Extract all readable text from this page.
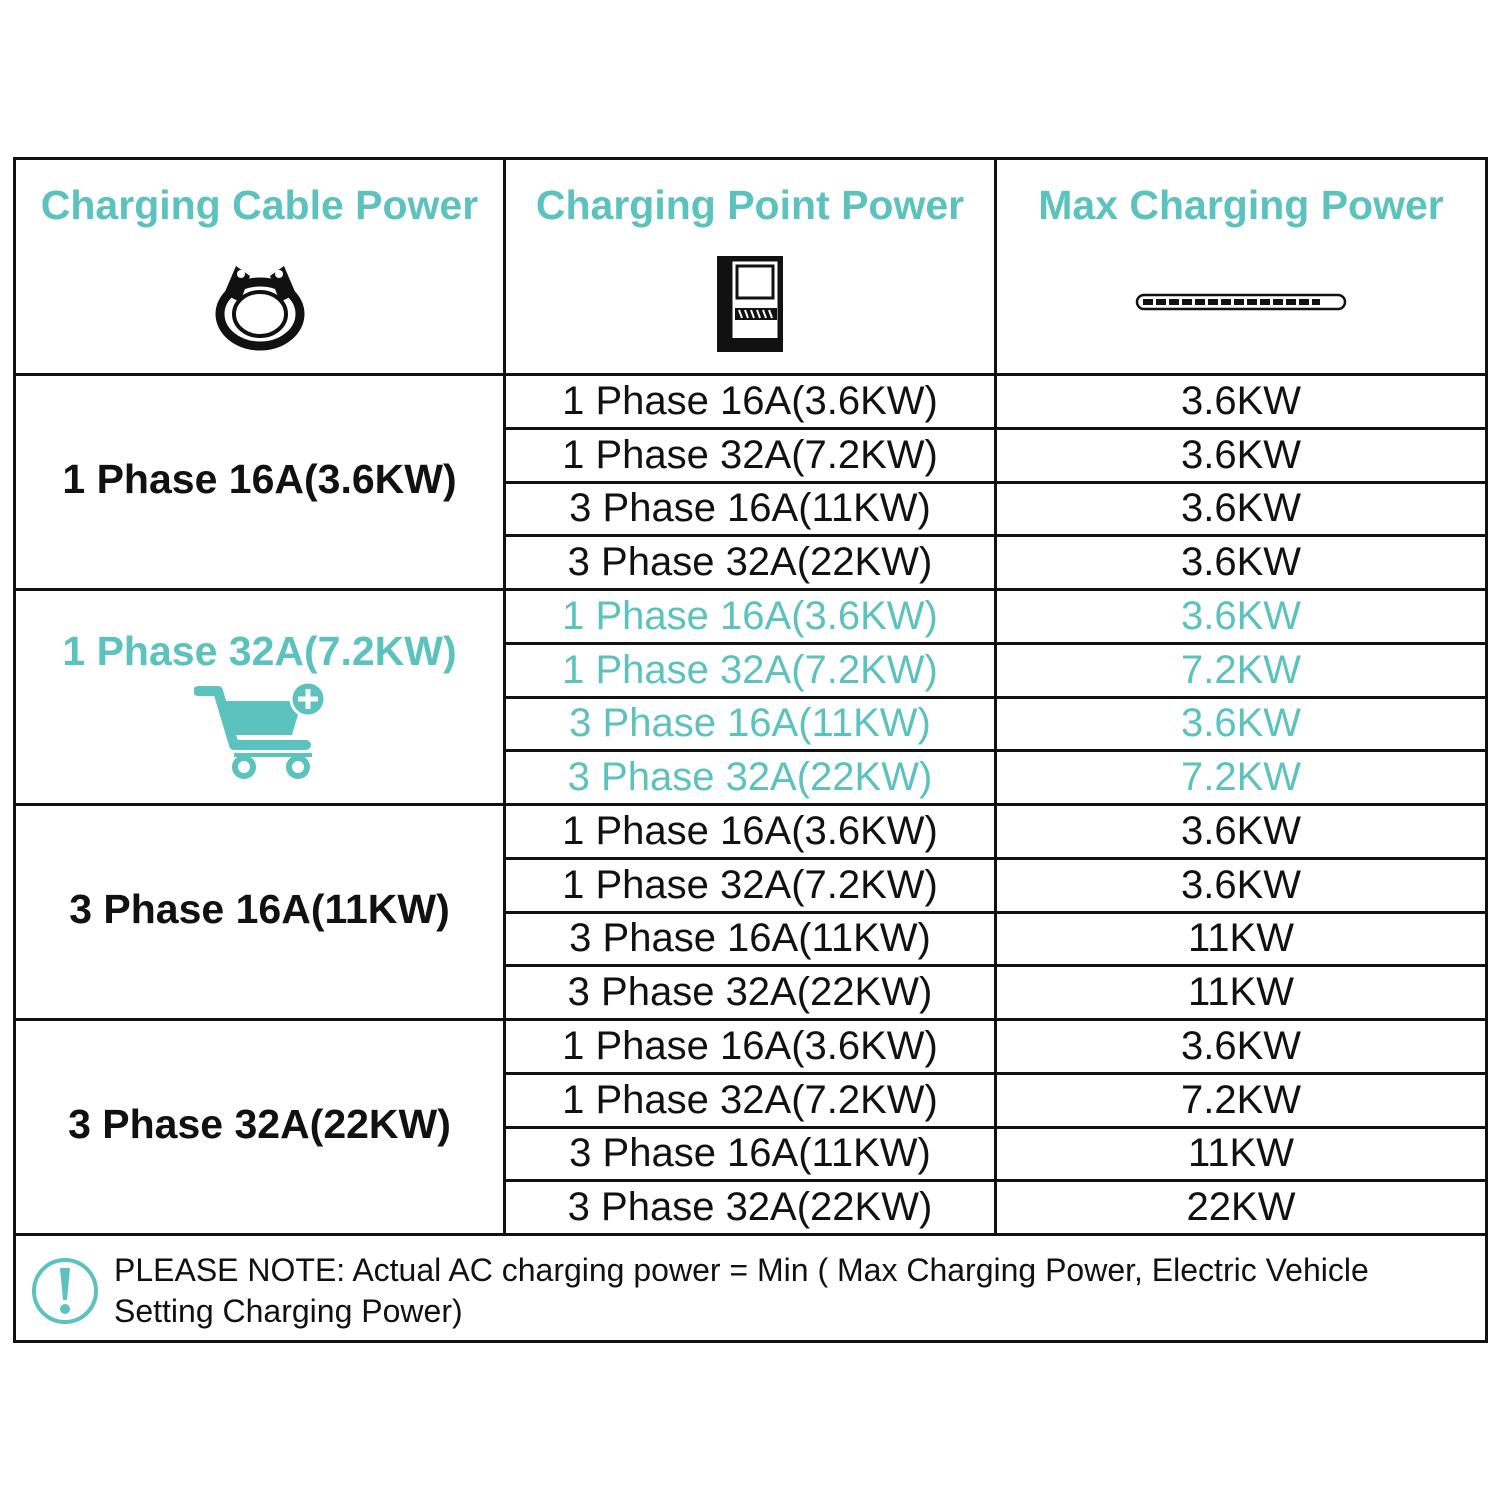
Charging Cable Power	Charging Point Power	Max Charging Power
1 Phase 16A(3.6KW)
1 Phase 16A(3.6KW)	3.6KW
1 Phase 32A(7.2KW)	3.6KW
3 Phase 16A(11KW)	3.6KW
3 Phase 32A(22KW)	3.6KW
1 Phase 32A(7.2KW)
1 Phase 16A(3.6KW)	3.6KW
1 Phase 32A(7.2KW)	7.2KW
3 Phase 16A(11KW)	3.6KW
3 Phase 32A(22KW)	7.2KW
3 Phase 16A(11KW)
1 Phase 16A(3.6KW)	3.6KW
1 Phase 32A(7.2KW)	3.6KW
3 Phase 16A(11KW)	11KW
3 Phase 32A(22KW)	11KW
3 Phase 32A(22KW)
1 Phase 16A(3.6KW)	3.6KW
1 Phase 32A(7.2KW)	7.2KW
3 Phase 16A(11KW)	11KW
3 Phase 32A(22KW)	22KW
PLEASE NOTE: Actual AC charging power = Min ( Max Charging Power, Electric Vehicle Setting Charging Power)
